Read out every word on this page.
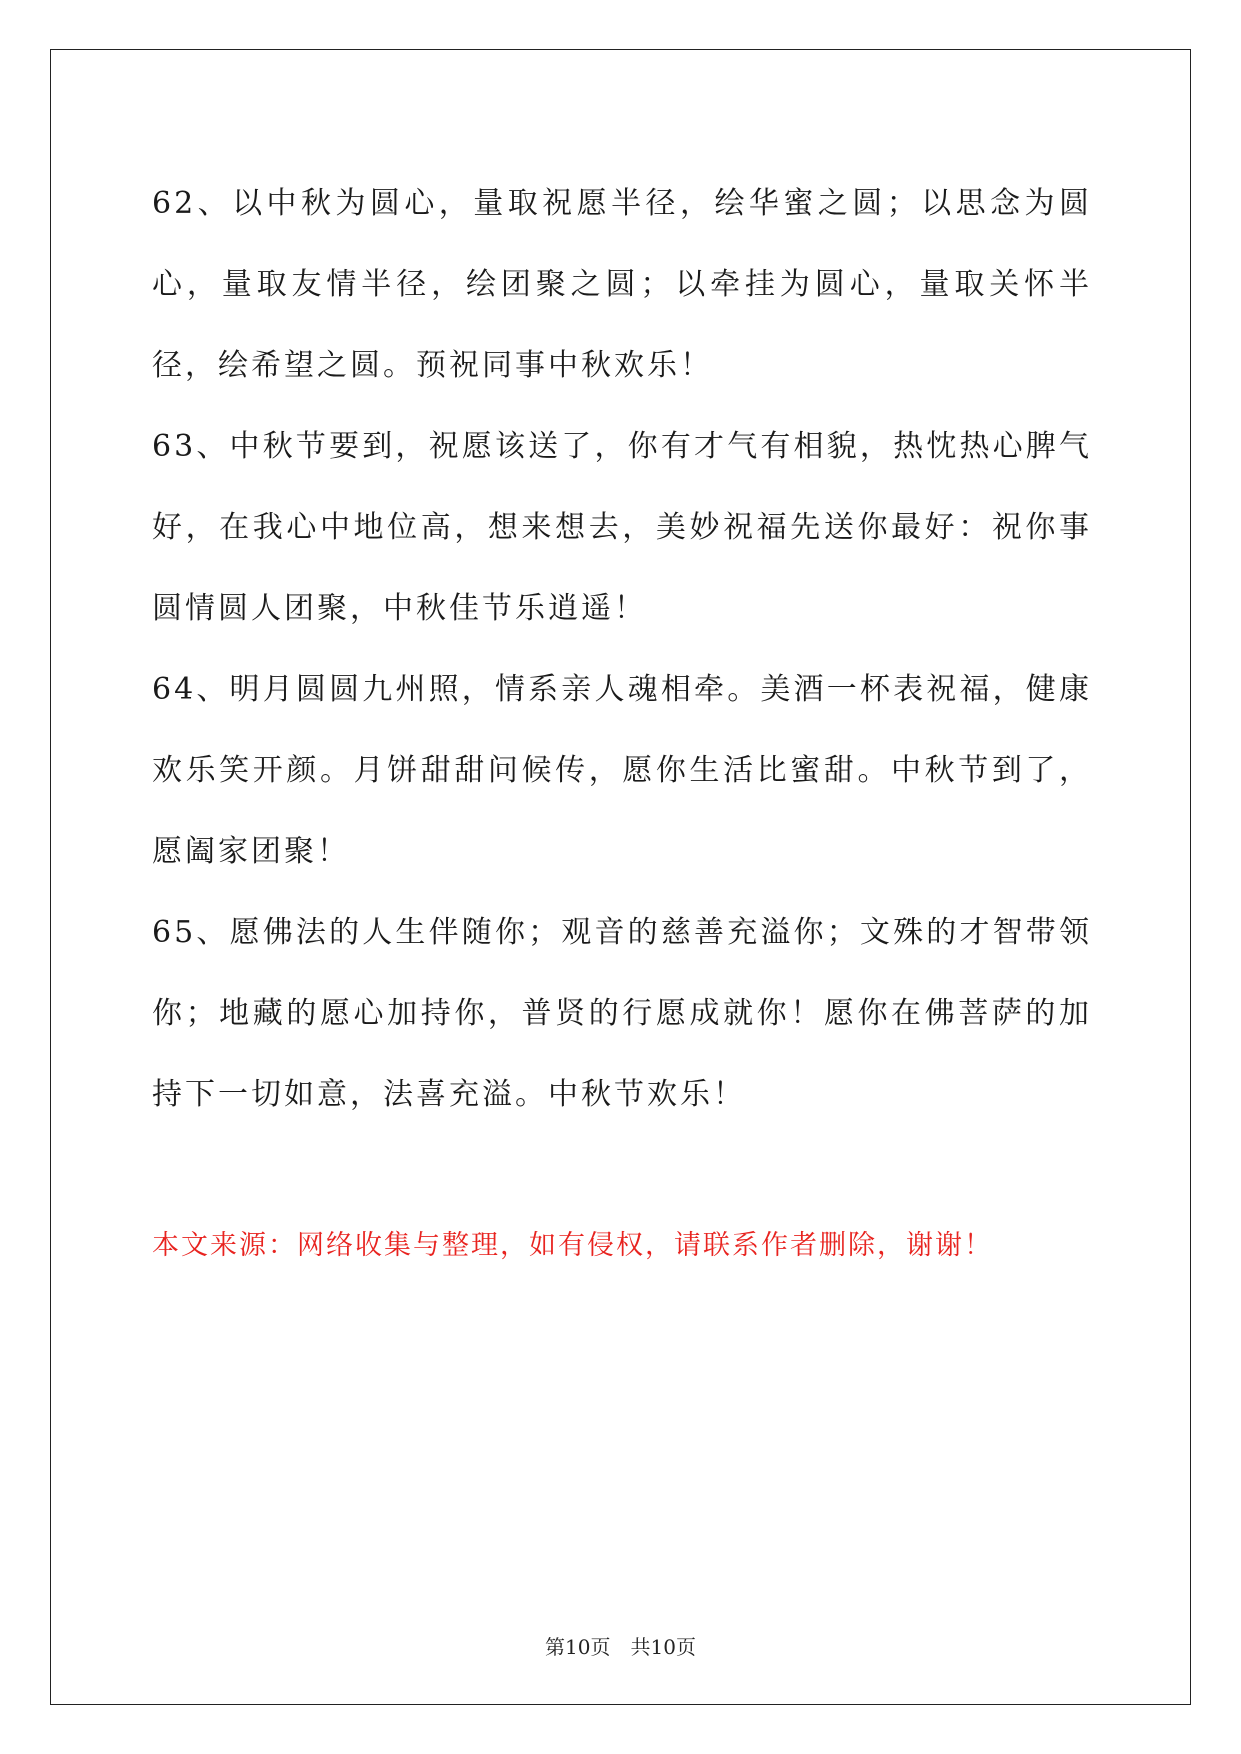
62、以中秋为圆心，量取祝愿半径，绘华蜜之圆；以思念为圆心，量取友情半径，绘团聚之圆；以牵挂为圆心，量取关怀半径，绘希望之圆。预祝同事中秋欢乐！

63、中秋节要到，祝愿该送了，你有才气有相貌，热忱热心脾气好，在我心中地位高，想来想去，美妙祝福先送你最好：祝你事圆情圆人团聚，中秋佳节乐逍遥！

64、明月圆圆九州照，情系亲人魂相牵。美酒一杯表祝福，健康欢乐笑开颜。月饼甜甜问候传，愿你生活比蜜甜。中秋节到了，愿阖家团聚！

65、愿佛法的人生伴随你；观音的慈善充溢你；文殊的才智带领你；地藏的愿心加持你，普贤的行愿成就你！愿你在佛菩萨的加持下一切如意，法喜充溢。中秋节欢乐！

本文来源：网络收集与整理，如有侵权，请联系作者删除，谢谢！

第10页 共10页
